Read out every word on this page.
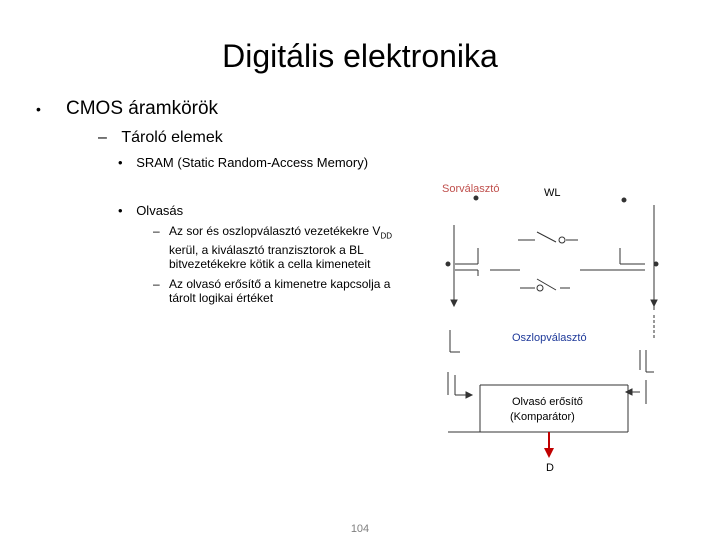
Digitális elektronika
• CMOS áramkörök
– Tároló elemek
• SRAM (Static Random-Access Memory)
• Olvasás
– Az sor és oszlopválasztó vezetékekre $V_{DD}$ kerül, a kiválasztó tranzisztorok a BL bitvezetékekre kötik a cella kimeneteit
– Az olvasó erősítő a kimenetre kapcsolja a tárolt logikai értéket
Sorválasztó	WL
Oszlopválasztó
Olvasó erősítő
(Komparátor)
D
104
